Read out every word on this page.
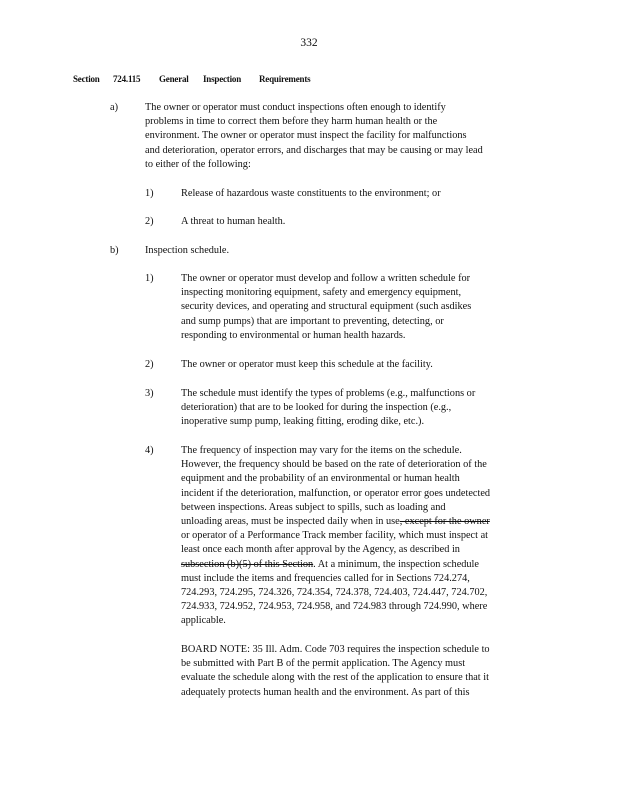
332
Section 724.115 General Inspection Requirements
a)	The owner or operator must conduct inspections often enough to identify
problems in time to correct them before they harm human health or the
environment. The owner or operator must inspect the facility for malfunctions
and deterioration, operator errors, and discharges that may be causing or may lead
to either of the following:
1)	Release of hazardous waste constituents to the environment; or
2)	A threat to human health.
b)	Inspection schedule.
1)	The owner or operator must develop and follow a written schedule for
inspecting monitoring equipment, safety and emergency equipment,
security devices, and operating and structural equipment (such asdikes
and sump pumps) that are important to preventing, detecting, or
responding to environmental or human health hazards.
2)	The owner or operator must keep this schedule at the facility.
3)	The schedule must identify the types of problems (e.g., malfunctions or
deterioration) that are to be looked for during the inspection (e.g.,
inoperative sump pump, leaking fitting, eroding dike, etc.).
4)	The frequency of inspection may vary for the items on the schedule.
However, the frequency should be based on the rate of deterioration of the
equipment and the probability of an environmental or human health
incident if the deterioration, malfunction, or operator error goes undetected
between inspections. Areas subject to spills, such as loading and
unloading areas, must be inspected daily when in use, except for the owner
or operator of a Performance Track member facility, which must inspect at
least once each month after approval by the Agency, as described in
subsection (b)(5) of this Section. At a minimum, the inspection schedule
must include the items and frequencies called for in Sections 724.274,
724.293, 724.295, 724.326, 724.354, 724.378, 724.403, 724.447, 724.702,
724.933, 724.952, 724.953, 724.958, and 724.983 through 724.990, where
applicable.
BOARD NOTE: 35 Ill. Adm. Code 703 requires the inspection schedule to
be submitted with Part B of the permit application. The Agency must
evaluate the schedule along with the rest of the application to ensure that it
adequately protects human health and the environment. As part of this
